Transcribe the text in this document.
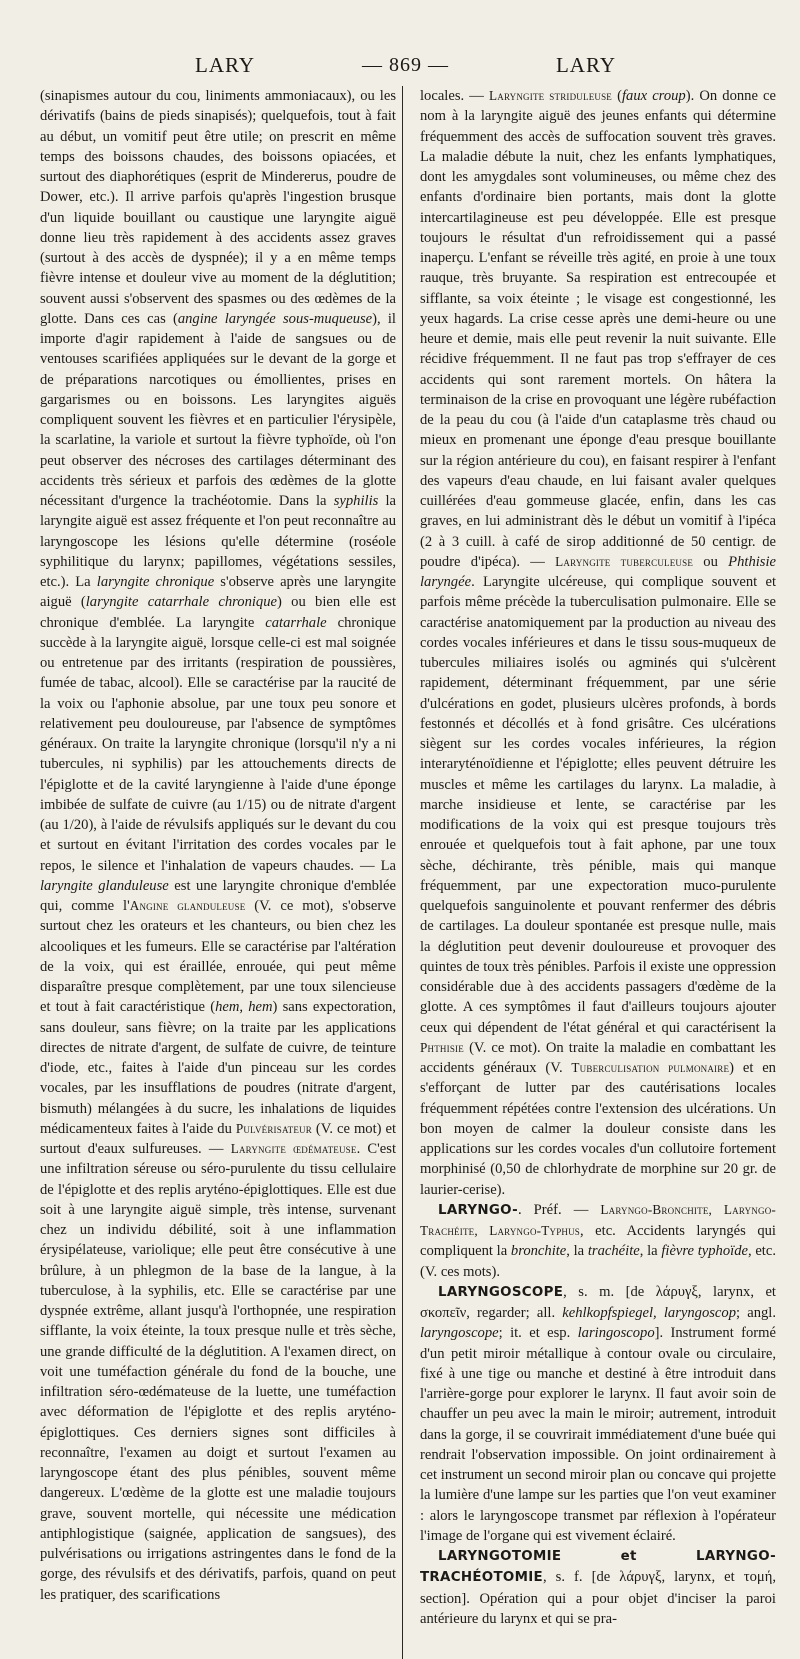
LARY	— 869 —	LARY

(sinapismes autour du cou, liniments ammoniacaux), ou les dérivatifs (bains de pieds sinapisés); quelquefois, tout à fait au début, un vomitif peut être utile; on prescrit en même temps des boissons chaudes, des boissons opiacées, et surtout des diaphorétiques (esprit de Mindererus, poudre de Dower, etc.). Il arrive parfois qu'après l'ingestion brusque d'un liquide bouillant ou caustique une laryngite aiguë donne lieu très rapidement à des accidents assez graves (surtout à des accès de dyspnée); il y a en même temps fièvre intense et douleur vive au moment de la déglutition; souvent aussi s'observent des spasmes ou des œdèmes de la glotte. Dans ces cas (angine laryngée sous-muqueuse), il importe d'agir rapidement à l'aide de sangsues ou de ventouses scarifiées appliquées sur le devant de la gorge et de préparations narcotiques ou émollientes, prises en gargarismes ou en boissons. Les laryngites aiguës compliquent souvent les fièvres et en particulier l'érysipèle, la scarlatine, la variole et surtout la fièvre typhoïde, où l'on peut observer des nécroses des cartilages déterminant des accidents très sérieux et parfois des œdèmes de la glotte nécessitant d'urgence la trachéotomie. Dans la syphilis la laryngite aiguë est assez fréquente et l'on peut reconnaître au laryngoscope les lésions qu'elle détermine (roséole syphilitique du larynx; papillomes, végétations sessiles, etc.). La laryngite chronique s'observe après une laryngite aiguë (laryngite catarrhale chronique) ou bien elle est chronique d'emblée. La laryngite catarrhale chronique succède à la laryngite aiguë, lorsque celle-ci est mal soignée ou entretenue par des irritants (respiration de poussières, fumée de tabac, alcool). Elle se caractérise par la raucité de la voix ou l'aphonie absolue, par une toux peu sonore et relativement peu douloureuse, par l'absence de symptômes généraux. On traite la laryngite chronique (lorsqu'il n'y a ni tubercules, ni syphilis) par les attouchements directs de l'épiglotte et de la cavité laryngienne à l'aide d'une éponge imbibée de sulfate de cuivre (au 1/15) ou de nitrate d'argent (au 1/20), à l'aide de révulsifs appliqués sur le devant du cou et surtout en évitant l'irritation des cordes vocales par le repos, le silence et l'inhalation de vapeurs chaudes. — La laryngite glanduleuse est une laryngite chronique d'emblée qui, comme l'Angine glanduleuse (V. ce mot), s'observe surtout chez les orateurs et les chanteurs, ou bien chez les alcooliques et les fumeurs. Elle se caractérise par l'altération de la voix, qui est éraillée, enrouée, qui peut même disparaître presque complètement, par une toux silencieuse et tout à fait caractéristique (hem, hem) sans expectoration, sans douleur, sans fièvre; on la traite par les applications directes de nitrate d'argent, de sulfate de cuivre, de teinture d'iode, etc., faites à l'aide d'un pinceau sur les cordes vocales, par les insufflations de poudres (nitrate d'argent, bismuth) mélangées à du sucre, les inhalations de liquides médicamenteux faites à l'aide du Pulvérisateur (V. ce mot) et surtout d'eaux sulfureuses. — Laryngite œdémateuse. C'est une infiltration séreuse ou séro-purulente du tissu cellulaire de l'épiglotte et des replis aryténo-épiglottiques. Elle est due soit à une laryngite aiguë simple, très intense, survenant chez un individu débilité, soit à une inflammation érysipélateuse, variolique; elle peut être consécutive à une brûlure, à un phlegmon de la base de la langue, à la tuberculose, à la syphilis, etc. Elle se caractérise par une dyspnée extrême, allant jusqu'à l'orthopnée, une respiration sifflante, la voix éteinte, la toux presque nulle et très sèche, une grande difficulté de la déglutition. A l'examen direct, on voit une tuméfaction générale du fond de la bouche, une infiltration séro-œdémateuse de la luette, une tuméfaction avec déformation de l'épiglotte et des replis aryténo-épiglottiques. Ces derniers signes sont difficiles à reconnaître, l'examen au doigt et surtout l'examen au laryngoscope étant des plus pénibles, souvent même dangereux. L'œdème de la glotte est une maladie toujours grave, souvent mortelle, qui nécessite une médication antiphlogistique (saignée, application de sangsues), des pulvérisations ou irrigations astringentes dans le fond de la gorge, des révulsifs et des dérivatifs, parfois, quand on peut les pratiquer, des scarifications

locales. — Laryngite striduleuse (faux croup). On donne ce nom à la laryngite aiguë des jeunes enfants qui détermine fréquemment des accès de suffocation souvent très graves. La maladie débute la nuit, chez les enfants lymphatiques, dont les amygdales sont volumineuses, ou même chez des enfants d'ordinaire bien portants, mais dont la glotte intercartilagineuse est peu développée. Elle est presque toujours le résultat d'un refroidissement qui a passé inaperçu. L'enfant se réveille très agité, en proie à une toux rauque, très bruyante. Sa respiration est entrecoupée et sifflante, sa voix éteinte ; le visage est congestionné, les yeux hagards. La crise cesse après une demi-heure ou une heure et demie, mais elle peut revenir la nuit suivante. Elle récidive fréquemment. Il ne faut pas trop s'effrayer de ces accidents qui sont rarement mortels. On hâtera la terminaison de la crise en provoquant une légère rubéfaction de la peau du cou (à l'aide d'un cataplasme très chaud ou mieux en promenant une éponge d'eau presque bouillante sur la région antérieure du cou), en faisant respirer à l'enfant des vapeurs d'eau chaude, en lui faisant avaler quelques cuillérées d'eau gommeuse glacée, enfin, dans les cas graves, en lui administrant dès le début un vomitif à l'ipéca (2 à 3 cuill. à café de sirop additionné de 50 centigr. de poudre d'ipéca). — Laryngite tuberculeuse ou Phthisie laryngée. Laryngite ulcéreuse, qui complique souvent et parfois même précède la tuberculisation pulmonaire. Elle se caractérise anatomiquement par la production au niveau des cordes vocales inférieures et dans le tissu sous-muqueux de tubercules miliaires isolés ou agminés qui s'ulcèrent rapidement, déterminant fréquemment, par une série d'ulcérations en godet, plusieurs ulcères profonds, à bords festonnés et décollés et à fond grisâtre. Ces ulcérations siègent sur les cordes vocales inférieures, la région interaryténoïdienne et l'épiglotte; elles peuvent détruire les muscles et même les cartilages du larynx. La maladie, à marche insidieuse et lente, se caractérise par les modifications de la voix qui est presque toujours très enrouée et quelquefois tout à fait aphone, par une toux sèche, déchirante, très pénible, mais qui manque fréquemment, par une expectoration muco-purulente quelquefois sanguinolente et pouvant renfermer des débris de cartilages. La douleur spontanée est presque nulle, mais la déglutition peut devenir douloureuse et provoquer des quintes de toux très pénibles. Parfois il existe une oppression considérable due à des accidents passagers d'œdème de la glotte. A ces symptômes il faut d'ailleurs toujours ajouter ceux qui dépendent de l'état général et qui caractérisent la Phthisie (V. ce mot). On traite la maladie en combattant les accidents généraux (V. Tuberculisation pulmonaire) et en s'efforçant de lutter par des cautérisations locales fréquemment répétées contre l'extension des ulcérations. Un bon moyen de calmer la douleur consiste dans les applications sur les cordes vocales d'un collutoire fortement morphinisé (0,50 de chlorhydrate de morphine sur 20 gr. de laurier-cerise).

LARYNGO-. Préf. — Laryngo-Bronchite, Laryngo-Trachéite, Laryngo-Typhus, etc. Accidents laryngés qui compliquent la bronchite, la trachéite, la fièvre typhoïde, etc. (V. ces mots).

LARYNGOSCOPE, s. m. [de λάρυγξ, larynx, et σκοπεῖν, regarder; all. kehlkopfspiegel, laryngoscop; angl. laryngoscope; it. et esp. laringoscopo]. Instrument formé d'un petit miroir métallique à contour ovale ou circulaire, fixé à une tige ou manche et destiné à être introduit dans l'arrière-gorge pour explorer le larynx. Il faut avoir soin de chauffer un peu avec la main le miroir; autrement, introduit dans la gorge, il se couvrirait immédiatement d'une buée qui rendrait l'observation impossible. On joint ordinairement à cet instrument un second miroir plan ou concave qui projette la lumière d'une lampe sur les parties que l'on veut examiner : alors le laryngoscope transmet par réflexion à l'opérateur l'image de l'organe qui est vivement éclairé.

LARYNGOTOMIE et LARYNGO-TRACHÉOTOMIE, s. f. [de λάρυγξ, larynx, et τομή, section]. Opération qui a pour objet d'inciser la paroi antérieure du larynx et qui se pra-
